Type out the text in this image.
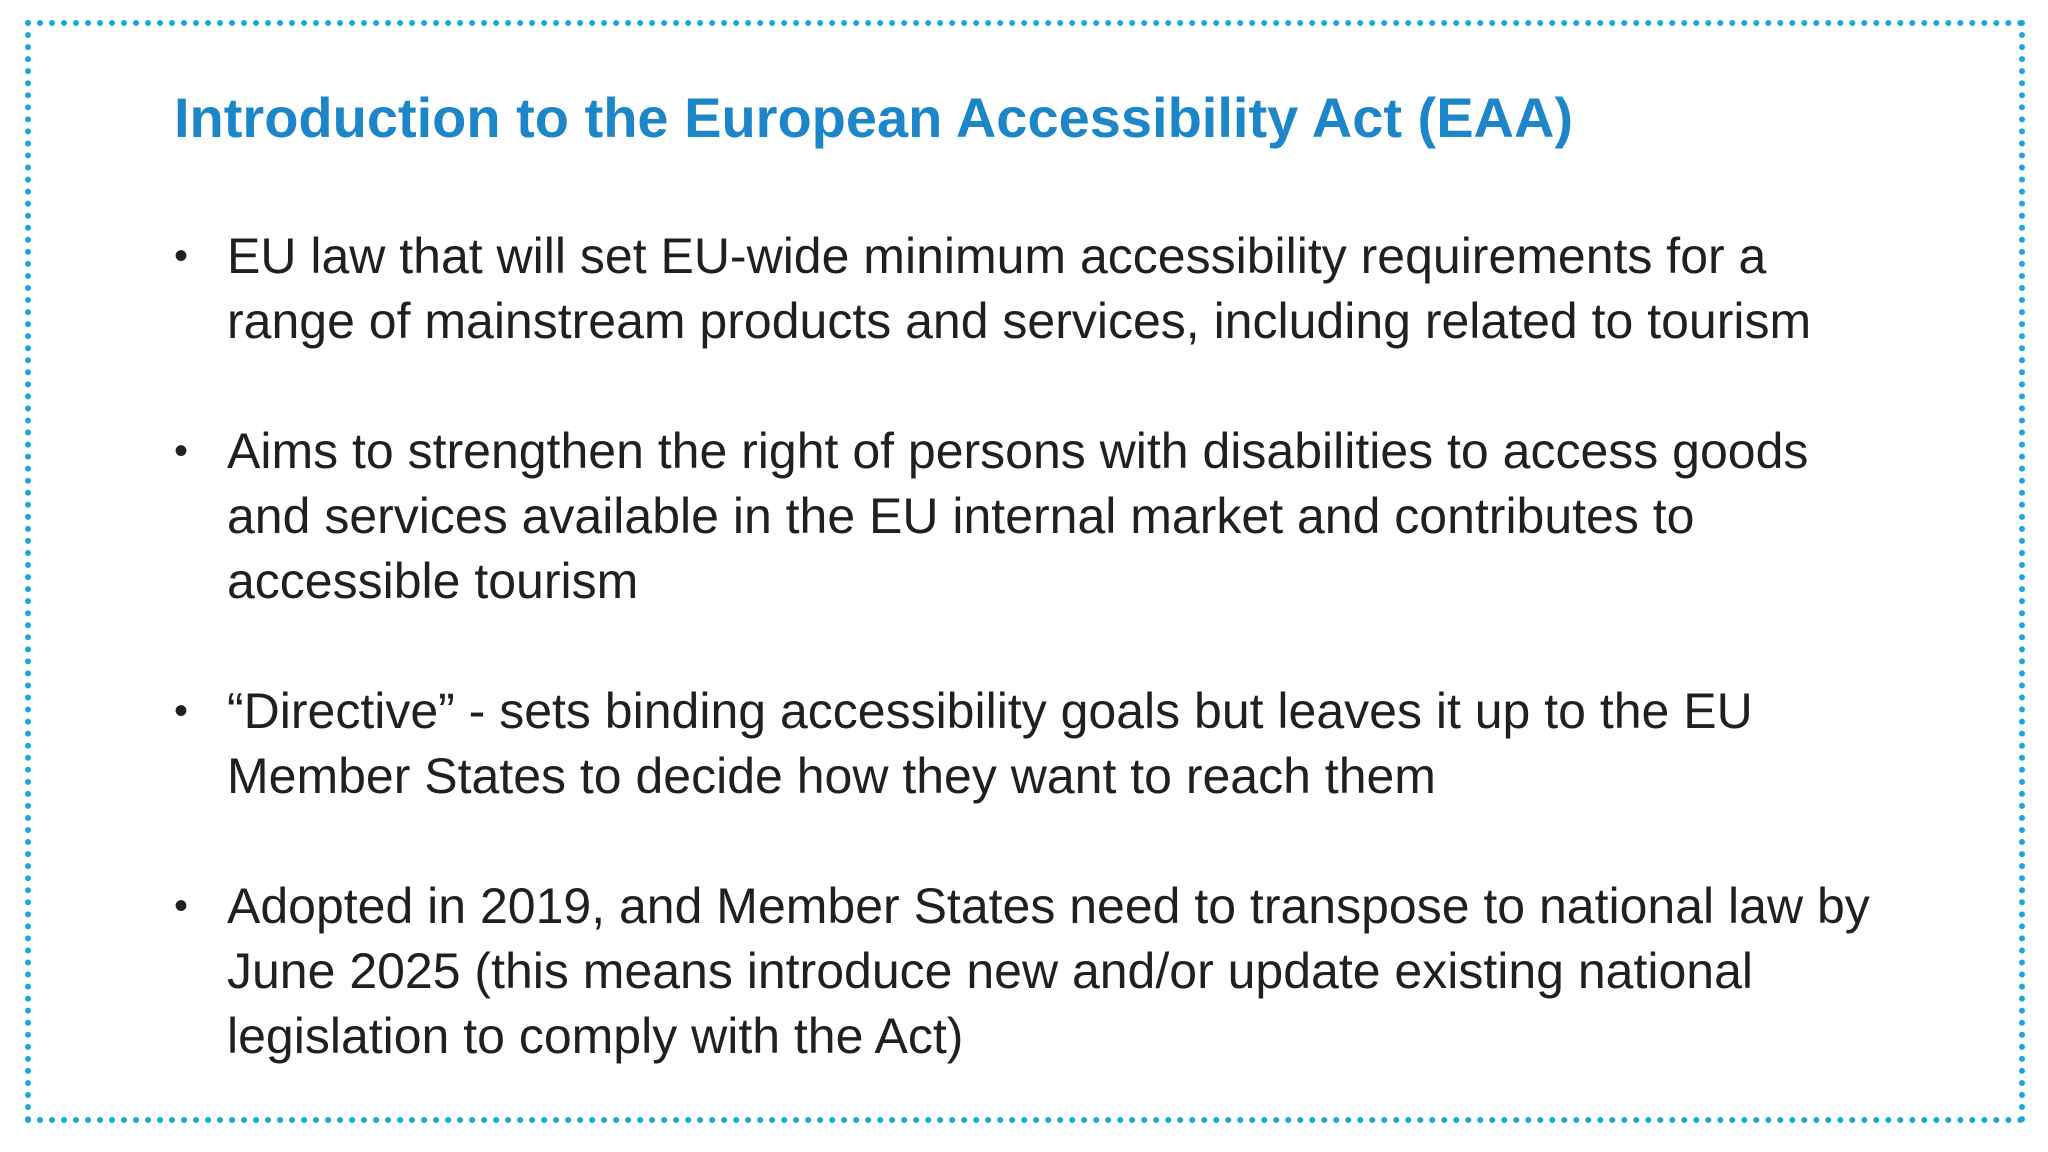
Introduction to the European Accessibility Act (EAA)
• EU law that will set EU-wide minimum accessibility requirements for a
range of mainstream products and services, including related to tourism
• Aims to strengthen the right of persons with disabilities to access goods
and services available in the EU internal market and contributes to
accessible tourism
• “Directive” - sets binding accessibility goals but leaves it up to the EU
Member States to decide how they want to reach them
• Adopted in 2019, and Member States need to transpose to national law by
June 2025 (this means introduce new and/or update existing national
legislation to comply with the Act)
